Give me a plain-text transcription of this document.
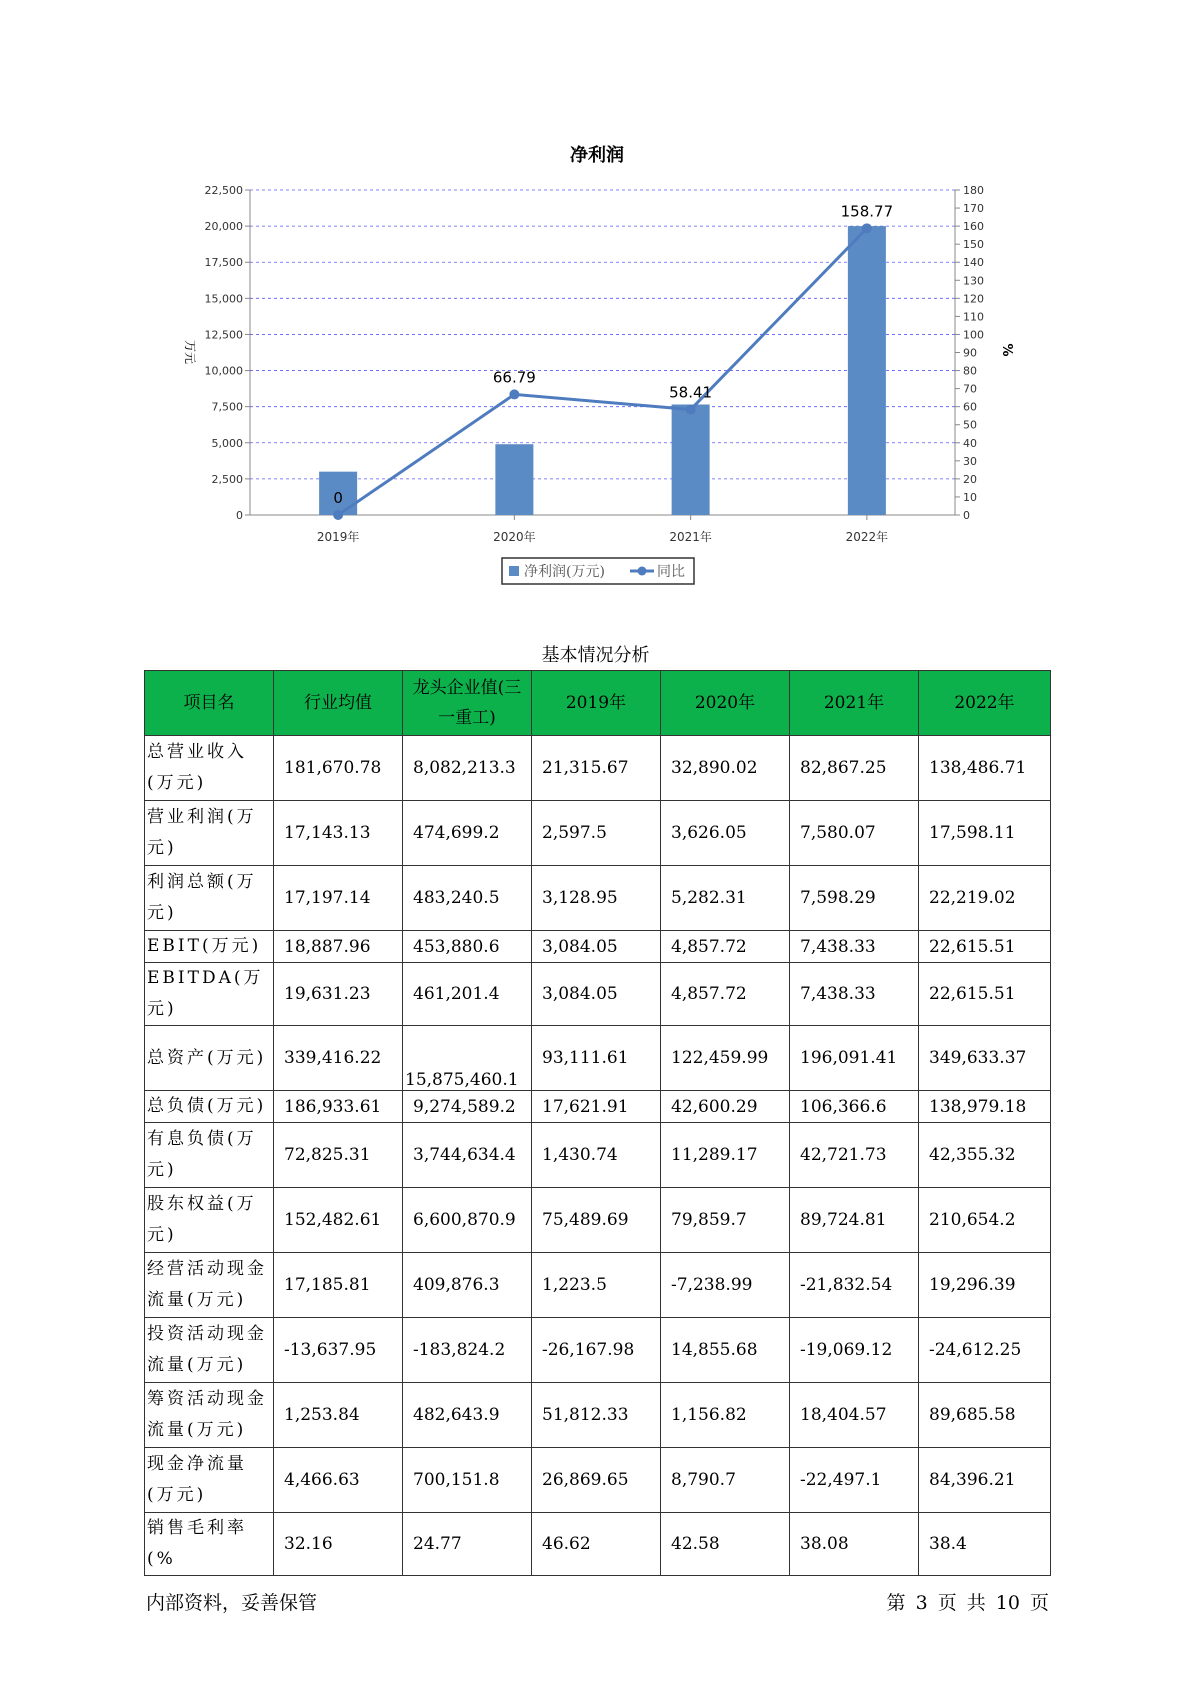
净利润
0
2,500
5,000
7,500
10,000
12,500
15,000
17,500
20,000
22,500
0
10
20
30
40
50
60
70
80
90
100
110
120
130
140
150
160
170
180
万元	%
2019年	2020年	2021年	2022年
0
66.79
58.41
158.77
净利润(万元)	同比
基本情况分析
项目名	行业均值	龙头企业值(三一重工)	2019年	2020年	2021年	2022年
总营业收入(万元)	181,670.78	8,082,213.3	21,315.67	32,890.02	82,867.25	138,486.71
营业利润(万元)	17,143.13	474,699.2	2,597.5	3,626.05	7,580.07	17,598.11
利润总额(万元)	17,197.14	483,240.5	3,128.95	5,282.31	7,598.29	22,219.02
EBIT(万元)	18,887.96	453,880.6	3,084.05	4,857.72	7,438.33	22,615.51
EBITDA(万元)	19,631.23	461,201.4	3,084.05	4,857.72	7,438.33	22,615.51
总资产(万元)	339,416.22	15,875,460.1	93,111.61	122,459.99	196,091.41	349,633.37
总负债(万元)	186,933.61	9,274,589.2	17,621.91	42,600.29	106,366.6	138,979.18
有息负债(万元)	72,825.31	3,744,634.4	1,430.74	11,289.17	42,721.73	42,355.32
股东权益(万元)	152,482.61	6,600,870.9	75,489.69	79,859.7	89,724.81	210,654.2
经营活动现金流量(万元)	17,185.81	409,876.3	1,223.5	-7,238.99	-21,832.54	19,296.39
投资活动现金流量(万元)	-13,637.95	-183,824.2	-26,167.98	14,855.68	-19,069.12	-24,612.25
筹资活动现金流量(万元)	1,253.84	482,643.9	51,812.33	1,156.82	18,404.57	89,685.58
现金净流量(万元)	4,466.63	700,151.8	26,869.65	8,790.7	-22,497.1	84,396.21
销售毛利率(%	32.16	24.77	46.62	42.58	38.08	38.4
内部资料，妥善保管	第 3 页 共 10 页
